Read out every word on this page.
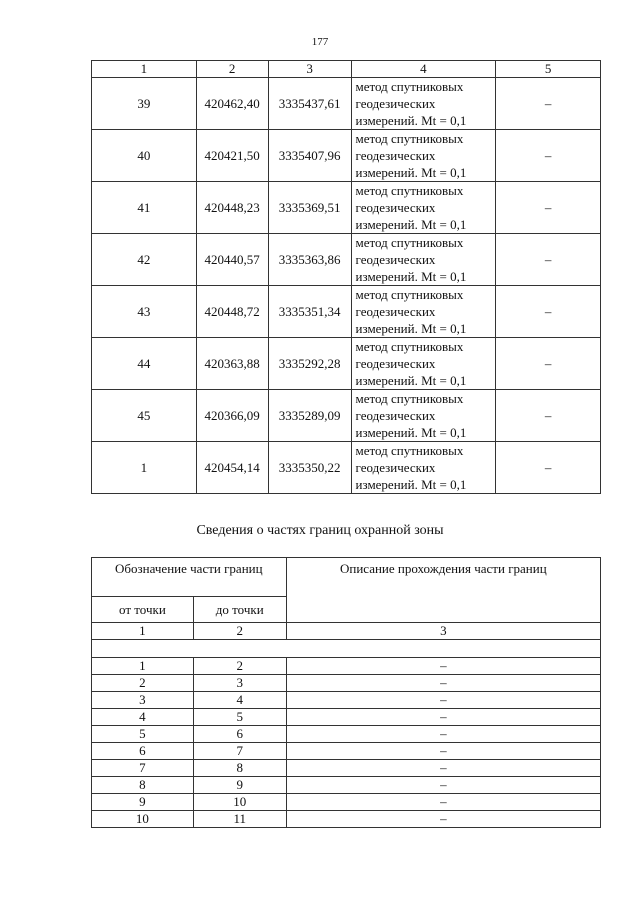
177
1	2	3	4	5
39	420462,40	3335437,61	метод спутниковых
геодезических
измерений. Mt = 0,1	–
40	420421,50	3335407,96	метод спутниковых
геодезических
измерений. Mt = 0,1	–
41	420448,23	3335369,51	метод спутниковых
геодезических
измерений. Mt = 0,1	–
42	420440,57	3335363,86	метод спутниковых
геодезических
измерений. Mt = 0,1	–
43	420448,72	3335351,34	метод спутниковых
геодезических
измерений. Mt = 0,1	–
44	420363,88	3335292,28	метод спутниковых
геодезических
измерений. Mt = 0,1	–
45	420366,09	3335289,09	метод спутниковых
геодезических
измерений. Mt = 0,1	–
1	420454,14	3335350,22	метод спутниковых
геодезических
измерений. Mt = 0,1	–
Сведения о частях границ охранной зоны
Обозначение части границ		Описание прохождения части границ
от точки	до точки	
1	2	3

1	2	–
2	3	–
3	4	–
4	5	–
5	6	–
6	7	–
7	8	–
8	9	–
9	10	–
10	11	–
